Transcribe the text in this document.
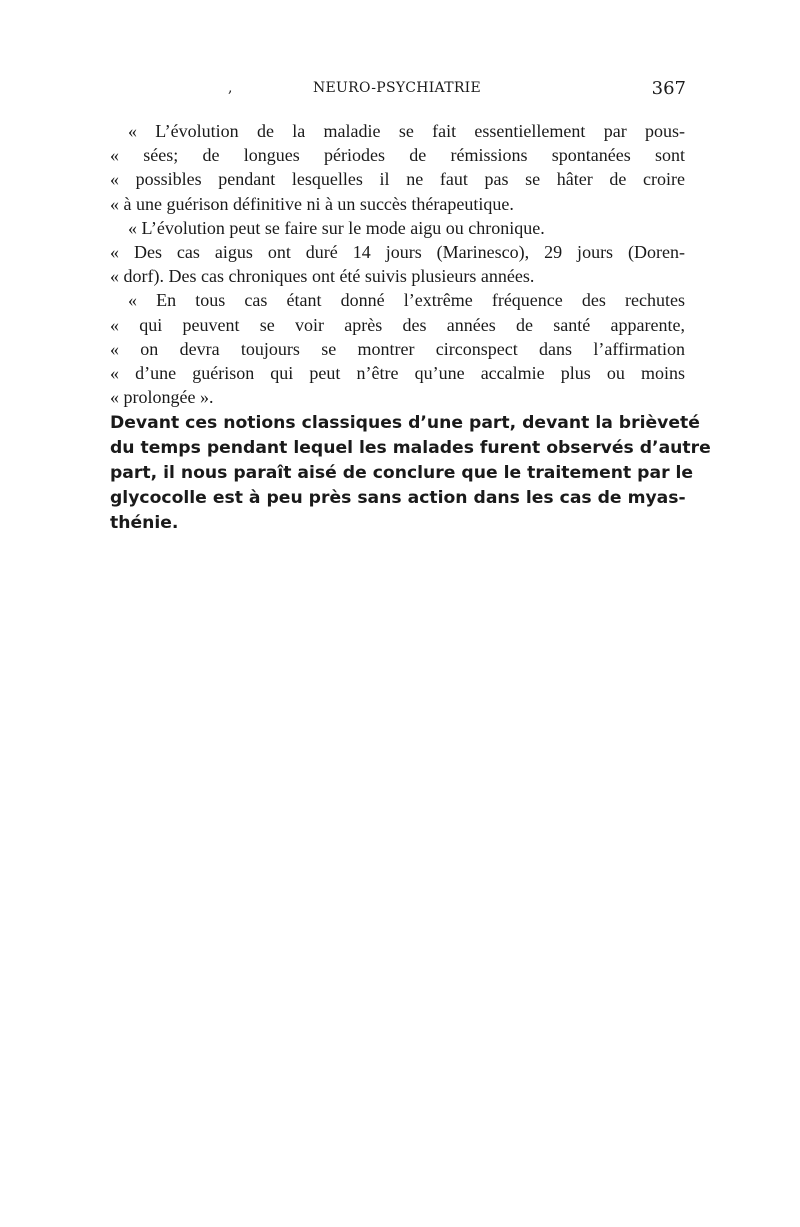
,	NEURO-PSYCHIATRIE	367
« L’évolution de la maladie se fait essentiellement par pous-
« sées; de longues périodes de rémissions spontanées sont
« possibles pendant lesquelles il ne faut pas se hâter de croire
« à une guérison définitive ni à un succès thérapeutique.
« L’évolution peut se faire sur le mode aigu ou chronique.
« Des cas aigus ont duré 14 jours (Marinesco), 29 jours (Doren-
« dorf). Des cas chroniques ont été suivis plusieurs années.
« En tous cas étant donné l’extrême fréquence des rechutes
« qui peuvent se voir après des années de santé apparente,
« on devra toujours se montrer circonspect dans l’affirmation
« d’une guérison qui peut n’être qu’une accalmie plus ou moins
« prolongée ».
Devant ces notions classiques d’une part, devant la brièveté
du temps pendant lequel les malades furent observés d’autre
part, il nous paraît aisé de conclure que le traitement par le
glycocolle est à peu près sans action dans les cas de myas-
thénie.
